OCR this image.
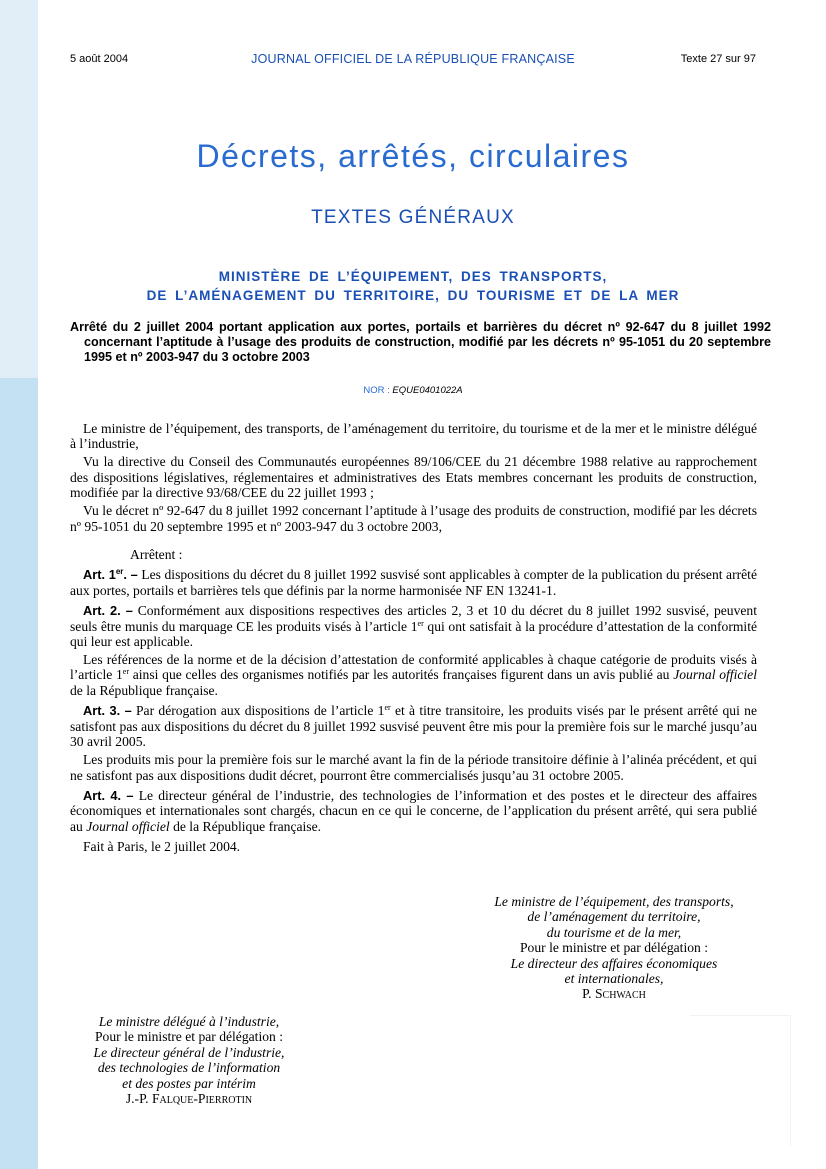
5 août 2004	JOURNAL OFFICIEL DE LA RÉPUBLIQUE FRANÇAISE	Texte 27 sur 97
Décrets, arrêtés, circulaires
TEXTES GÉNÉRAUX
MINISTÈRE DE L’ÉQUIPEMENT, DES TRANSPORTS,
DE L’AMÉNAGEMENT DU TERRITOIRE, DU TOURISME ET DE LA MER
Arrêté du 2 juillet 2004 portant application aux portes, portails et barrières du décret nº 92-647 du 8 juillet 1992 concernant l’aptitude à l’usage des produits de construction, modifié par les décrets nº 95-1051 du 20 septembre 1995 et nº 2003-947 du 3 octobre 2003
NOR : EQUE0401022A

Le ministre de l’équipement, des transports, de l’aménagement du territoire, du tourisme et de la mer et le ministre délégué à l’industrie,

Vu la directive du Conseil des Communautés européennes 89/106/CEE du 21 décembre 1988 relative au rapprochement des dispositions législatives, réglementaires et administratives des Etats membres concernant les produits de construction, modifiée par la directive 93/68/CEE du 22 juillet 1993 ;

Vu le décret nº 92-647 du 8 juillet 1992 concernant l’aptitude à l’usage des produits de construction, modifié par les décrets nº 95-1051 du 20 septembre 1995 et nº 2003-947 du 3 octobre 2003,

Arrêtent :

Art. 1er. – Les dispositions du décret du 8 juillet 1992 susvisé sont applicables à compter de la publication du présent arrêté aux portes, portails et barrières tels que définis par la norme harmonisée NF EN 13241-1.

Art. 2. – Conformément aux dispositions respectives des articles 2, 3 et 10 du décret du 8 juillet 1992 susvisé, peuvent seuls être munis du marquage CE les produits visés à l’article 1er qui ont satisfait à la procédure d’attestation de la conformité qui leur est applicable.

Les références de la norme et de la décision d’attestation de conformité applicables à chaque catégorie de produits visés à l’article 1er ainsi que celles des organismes notifiés par les autorités françaises figurent dans un avis publié au Journal officiel de la République française.

Art. 3. – Par dérogation aux dispositions de l’article 1er et à titre transitoire, les produits visés par le présent arrêté qui ne satisfont pas aux dispositions du décret du 8 juillet 1992 susvisé peuvent être mis pour la première fois sur le marché jusqu’au 30 avril 2005.

Les produits mis pour la première fois sur le marché avant la fin de la période transitoire définie à l’alinéa précédent, et qui ne satisfont pas aux dispositions dudit décret, pourront être commercialisés jusqu’au 31 octobre 2005.

Art. 4. – Le directeur général de l’industrie, des technologies de l’information et des postes et le directeur des affaires économiques et internationales sont chargés, chacun en ce qui le concerne, de l’application du présent arrêté, qui sera publié au Journal officiel de la République française.

Fait à Paris, le 2 juillet 2004.

Le ministre de l’équipement, des transports,
de l’aménagement du territoire,
du tourisme et de la mer,
Pour le ministre et par délégation :
Le directeur des affaires économiques
et internationales,
P. Schwach
Le ministre délégué à l’industrie,
Pour le ministre et par délégation :
Le directeur général de l’industrie,
des technologies de l’information
et des postes par intérim
J.-P. Falque-Pierrotin
